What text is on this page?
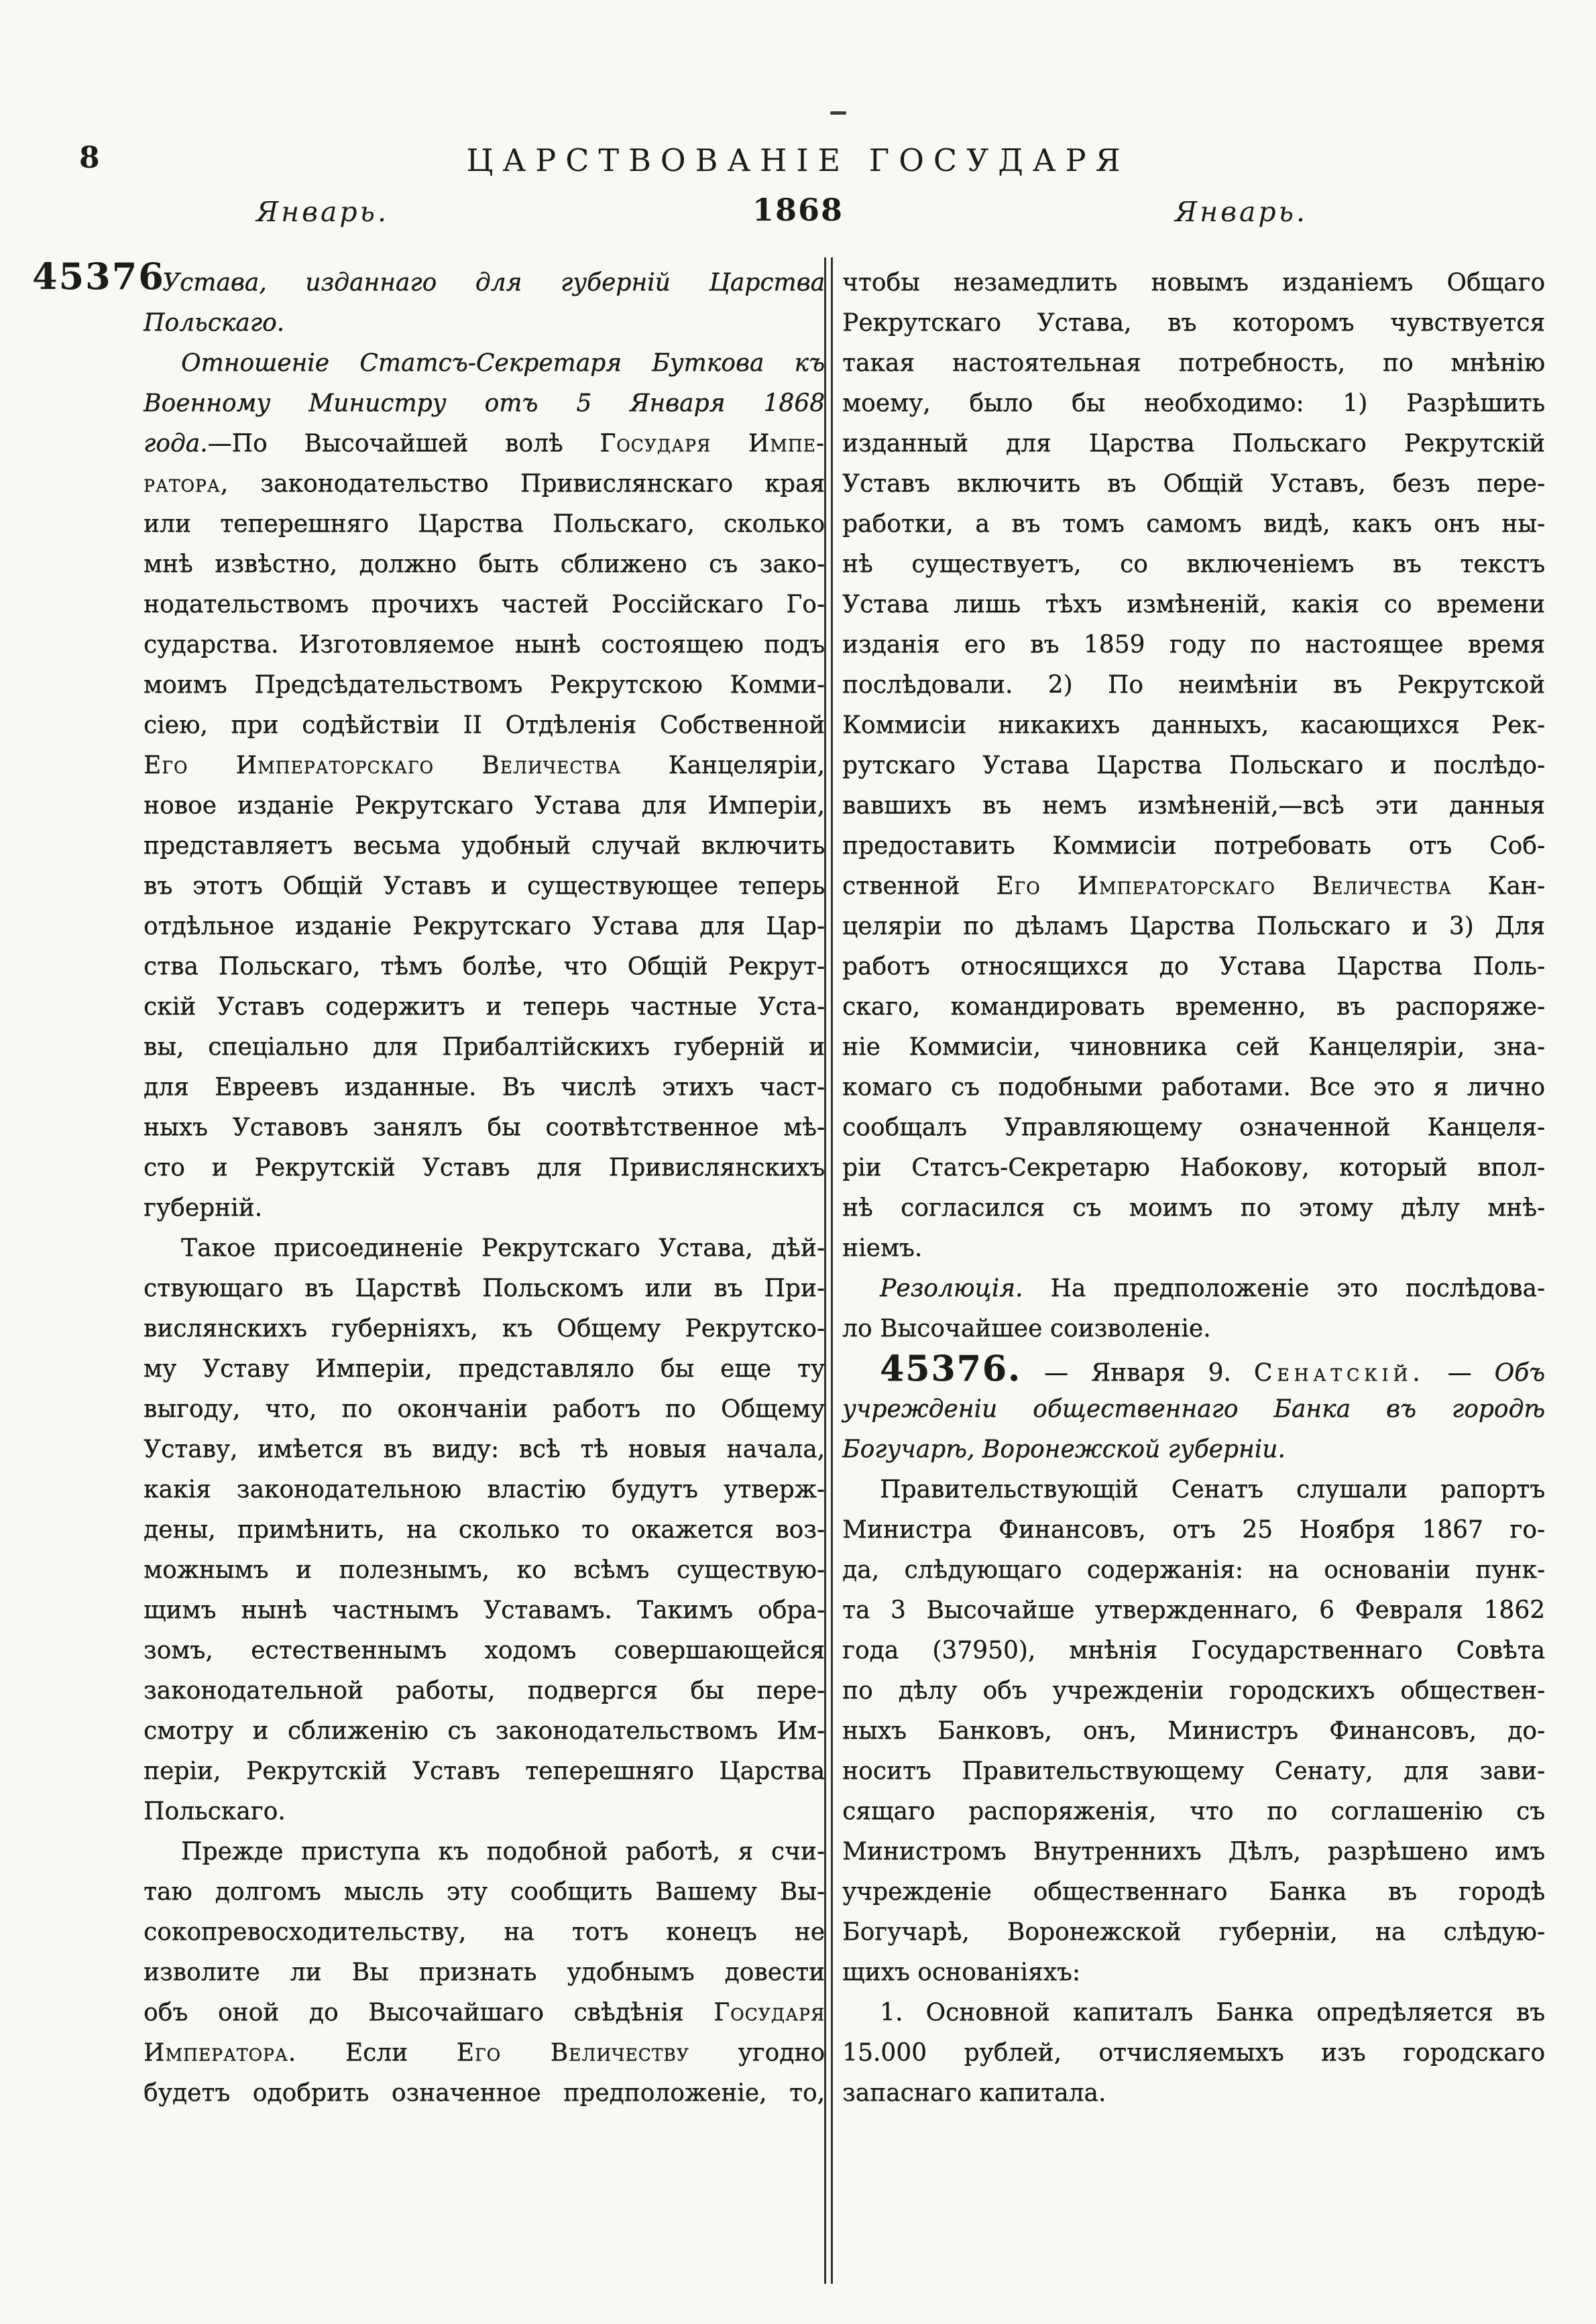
8	ЦАРСТВОВАНІЕ ГОСУДАРЯ
Январь.	1868	Январь.
45376
Устава, изданнаго для губерній Царства
Польскаго.
Отношеніе Статсъ-Секретаря Буткова къ
Военному Министру отъ 5 Января 1868
года.—По Высочайшей волѣ Государя Импе-
ратора, законодательство Привислянскаго края
или теперешняго Царства Польскаго, сколько
мнѣ извѣстно, должно быть сближено съ зако-
нодательствомъ прочихъ частей Россійскаго Го-
сударства. Изготовляемое нынѣ состоящею подъ
моимъ Предсѣдательствомъ Рекрутскою Комми-
сіею, при содѣйствіи II Отдѣленія Собственной
Его Императорскаго Величества Канцеляріи,
новое изданіе Рекрутскаго Устава для Имперіи,
представляетъ весьма удобный случай включить
въ этотъ Общій Уставъ и существующее теперь
отдѣльное изданіе Рекрутскаго Устава для Цар-
ства Польскаго, тѣмъ болѣе, что Общій Рекрут-
скій Уставъ содержитъ и теперь частные Уста-
вы, спеціально для Прибалтійскихъ губерній и
для Евреевъ изданные. Въ числѣ этихъ част-
ныхъ Уставовъ занялъ бы соотвѣтственное мѣ-
сто и Рекрутскій Уставъ для Привислянскихъ
губерній.
Такое присоединеніе Рекрутскаго Устава, дѣй-
ствующаго въ Царствѣ Польскомъ или въ При-
вислянскихъ губерніяхъ, къ Общему Рекрутско-
му Уставу Имперіи, представляло бы еще ту
выгоду, что, по окончаніи работъ по Общему
Уставу, имѣется въ виду: всѣ тѣ новыя начала,
какія законодательною властію будутъ утверж-
дены, примѣнить, на сколько то окажется воз-
можнымъ и полезнымъ, ко всѣмъ существую-
щимъ нынѣ частнымъ Уставамъ. Такимъ обра-
зомъ, естественнымъ ходомъ совершающейся
законодательной работы, подвергся бы пере-
смотру и сближенію съ законодательствомъ Им-
періи, Рекрутскій Уставъ теперешняго Царства
Польскаго.
Прежде приступа къ подобной работѣ, я счи-
таю долгомъ мысль эту сообщить Вашему Вы-
сокопревосходительству, на тотъ конецъ не
изволите ли Вы признать удобнымъ довести
объ оной до Высочайшаго свѣдѣнія Государя
Императора. Если Его Величеству угодно
будетъ одобрить означенное предположеніе, то,
чтобы незамедлить новымъ изданіемъ Общаго
Рекрутскаго Устава, въ которомъ чувствуется
такая настоятельная потребность, по мнѣнію
моему, было бы необходимо: 1) Разрѣшить
изданный для Царства Польскаго Рекрутскій
Уставъ включить въ Общій Уставъ, безъ пере-
работки, а въ томъ самомъ видѣ, какъ онъ ны-
нѣ существуетъ, со включеніемъ въ текстъ
Устава лишь тѣхъ измѣненій, какія со времени
изданія его въ 1859 году по настоящее время
послѣдовали. 2) По неимѣніи въ Рекрутской
Коммисіи никакихъ данныхъ, касающихся Рек-
рутскаго Устава Царства Польскаго и послѣдо-
вавшихъ въ немъ измѣненій,—всѣ эти данныя
предоставить Коммисіи потребовать отъ Соб-
ственной Его Императорскаго Величества Кан-
целяріи по дѣламъ Царства Польскаго и 3) Для
работъ относящихся до Устава Царства Поль-
скаго, командировать временно, въ распоряже-
ніе Коммисіи, чиновника сей Канцеляріи, зна-
комаго съ подобными работами. Все это я лично
сообщалъ Управляющему означенной Канцеля-
ріи Статсъ-Секретарю Набокову, который впол-
нѣ согласился съ моимъ по этому дѣлу мнѣ-
ніемъ.
Резолюція. На предположеніе это послѣдова-
ло Высочайшее соизволеніе.
45376. — Января 9. Сенатскій. — Объ
учрежденіи общественнаго Банка въ городѣ
Богучарѣ, Воронежской губерніи.
Правительствующій Сенатъ слушали рапортъ
Министра Финансовъ, отъ 25 Ноября 1867 го-
да, слѣдующаго содержанія: на основаніи пунк-
та 3 Высочайше утвержденнаго, 6 Февраля 1862
года (37950), мнѣнія Государственнаго Совѣта
по дѣлу объ учрежденіи городскихъ обществен-
ныхъ Банковъ, онъ, Министръ Финансовъ, до-
носитъ Правительствующему Сенату, для зави-
сящаго распоряженія, что по соглашенію съ
Министромъ Внутреннихъ Дѣлъ, разрѣшено имъ
учрежденіе общественнаго Банка въ городѣ
Богучарѣ, Воронежской губерніи, на слѣдую-
щихъ основаніяхъ:
1. Основной капиталъ Банка опредѣляется въ
15.000 рублей, отчисляемыхъ изъ городскаго
запаснаго капитала.
